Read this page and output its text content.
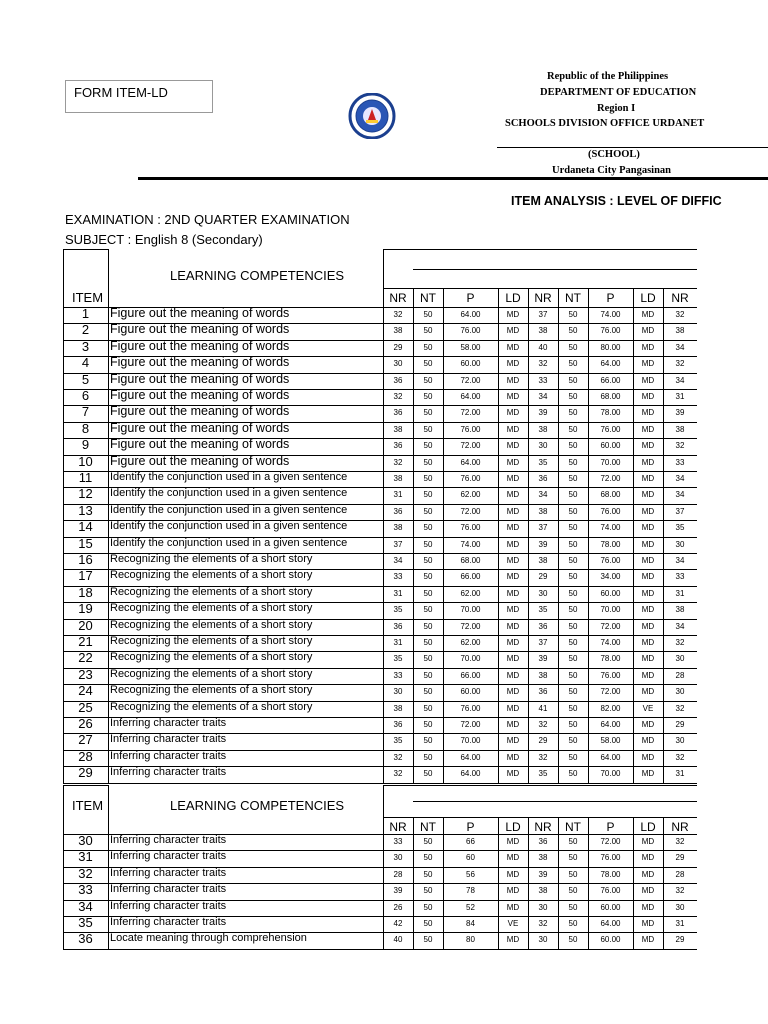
FORM ITEM-LD
Republic of the Philippines
DEPARTMENT OF EDUCATION
Region I
SCHOOLS DIVISION OFFICE URDANET
(SCHOOL)
Urdaneta City Pangasinan
ITEM ANALYSIS : LEVEL OF DIFFIC
EXAMINATION : 2ND QUARTER EXAMINATION
SUBJECT : English 8 (Secondary)
ITEM
LEARNING COMPETENCIES
NR	NT	P	LD	NR	NT	P	LD	NR
1	Figure out the meaning of words	32	50	64.00	MD	37	50	74.00	MD	32
2	Figure out the meaning of words	38	50	76.00	MD	38	50	76.00	MD	38
3	Figure out the meaning of words	29	50	58.00	MD	40	50	80.00	MD	34
4	Figure out the meaning of words	30	50	60.00	MD	32	50	64.00	MD	32
5	Figure out the meaning of words	36	50	72.00	MD	33	50	66.00	MD	34
6	Figure out the meaning of words	32	50	64.00	MD	34	50	68.00	MD	31
7	Figure out the meaning of words	36	50	72.00	MD	39	50	78.00	MD	39
8	Figure out the meaning of words	38	50	76.00	MD	38	50	76.00	MD	38
9	Figure out the meaning of words	36	50	72.00	MD	30	50	60.00	MD	32
10	Figure out the meaning of words	32	50	64.00	MD	35	50	70.00	MD	33
11	Identify the conjunction used in a given sentence	38	50	76.00	MD	36	50	72.00	MD	34
12	Identify the conjunction used in a given sentence	31	50	62.00	MD	34	50	68.00	MD	34
13	Identify the conjunction used in a given sentence	36	50	72.00	MD	38	50	76.00	MD	37
14	Identify the conjunction used in a given sentence	38	50	76.00	MD	37	50	74.00	MD	35
15	Identify the conjunction used in a given sentence	37	50	74.00	MD	39	50	78.00	MD	30
16	Recognizing the elements of a short story	34	50	68.00	MD	38	50	76.00	MD	34
17	Recognizing the elements of a short story	33	50	66.00	MD	29	50	34.00	MD	33
18	Recognizing the elements of a short story	31	50	62.00	MD	30	50	60.00	MD	31
19	Recognizing the elements of a short story	35	50	70.00	MD	35	50	70.00	MD	38
20	Recognizing the elements of a short story	36	50	72.00	MD	36	50	72.00	MD	34
21	Recognizing the elements of a short story	31	50	62.00	MD	37	50	74.00	MD	32
22	Recognizing the elements of a short story	35	50	70.00	MD	39	50	78.00	MD	30
23	Recognizing the elements of a short story	33	50	66.00	MD	38	50	76.00	MD	28
24	Recognizing the elements of a short story	30	50	60.00	MD	36	50	72.00	MD	30
25	Recognizing the elements of a short story	38	50	76.00	MD	41	50	82.00	VE	32
26	Inferring character traits	36	50	72.00	MD	32	50	64.00	MD	29
27	Inferring character traits	35	50	70.00	MD	29	50	58.00	MD	30
28	Inferring character traits	32	50	64.00	MD	32	50	64.00	MD	32
29	Inferring character traits	32	50	64.00	MD	35	50	70.00	MD	31
ITEM	LEARNING COMPETENCIES
NR	NT	P	LD	NR	NT	P	LD	NR
30	Inferring character traits	33	50	66	MD	36	50	72.00	MD	32
31	Inferring character traits	30	50	60	MD	38	50	76.00	MD	29
32	Inferring character traits	28	50	56	MD	39	50	78.00	MD	28
33	Inferring character traits	39	50	78	MD	38	50	76.00	MD	32
34	Inferring character traits	26	50	52	MD	30	50	60.00	MD	30
35	Inferring character traits	42	50	84	VE	32	50	64.00	MD	31
36	Locate meaning through comprehension	40	50	80	MD	30	50	60.00	MD	29
